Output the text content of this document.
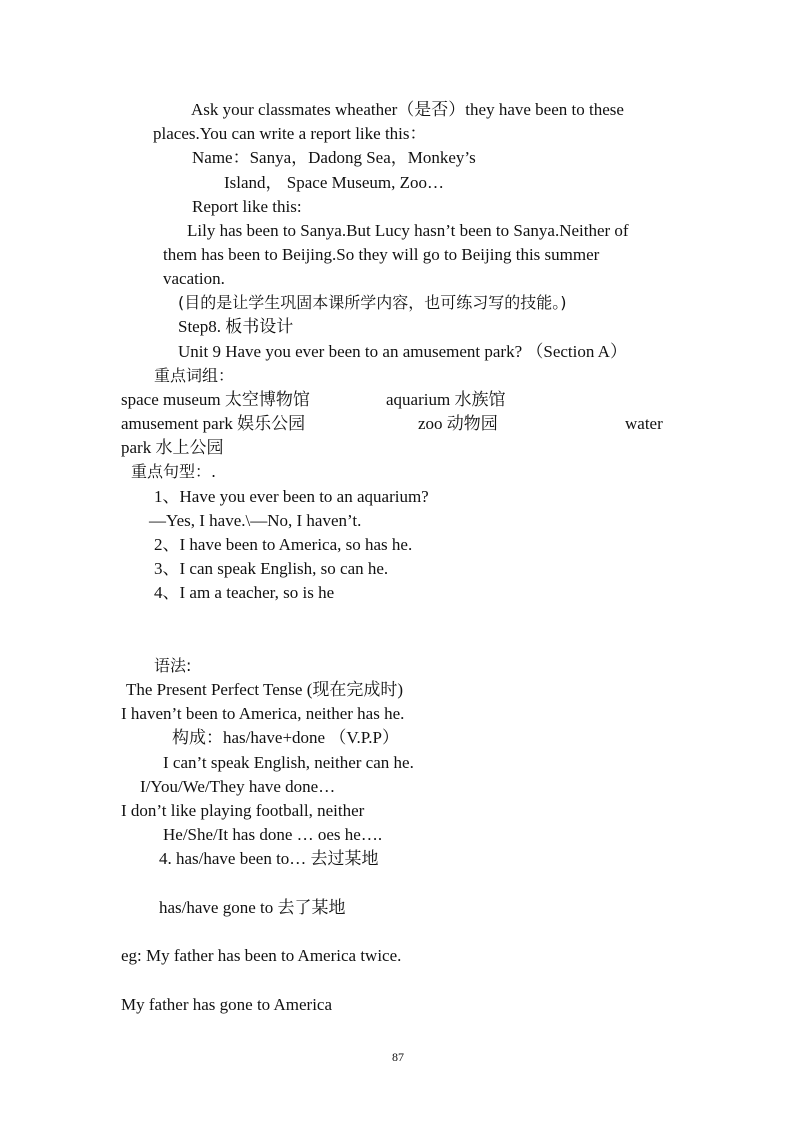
Ask your classmates wheather（是否）they have been to these
places.You can write a report like this：
Name：Sanya，Dadong Sea，Monkey’s
Island， Space Museum, Zoo…
Report like this:
Lily has been to Sanya.But Lucy hasn’t been to Sanya.Neither of
them has been to Beijing.So they will go to Beijing this summer
vacation.
(目的是让学生巩固本课所学内容，也可练习写的技能。)
Step8. 板书设计
Unit 9 Have you ever been to an amusement park? （Section A）
重点词组：
space museum 太空博物馆	aquarium 水族馆
amusement park 娱乐公园	zoo 动物园	water
park 水上公园
重点句型：.
1、Have you ever been to an aquarium?
—Yes, I have.\—No, I haven’t.
2、I have been to America, so has he.
3、I can speak English, so can he.
4、I am a teacher, so is he
语法:
The Present Perfect Tense (现在完成时)
I haven’t been to America, neither has he.
构成：has/have+done （V.P.P）
I can’t speak English, neither can he.
I/You/We/They have done…
I don’t like playing football, neither
He/She/It has done … oes he….
4. has/have been to… 去过某地
has/have gone to 去了某地
eg: My father has been to America twice.
My father has gone to America
87
